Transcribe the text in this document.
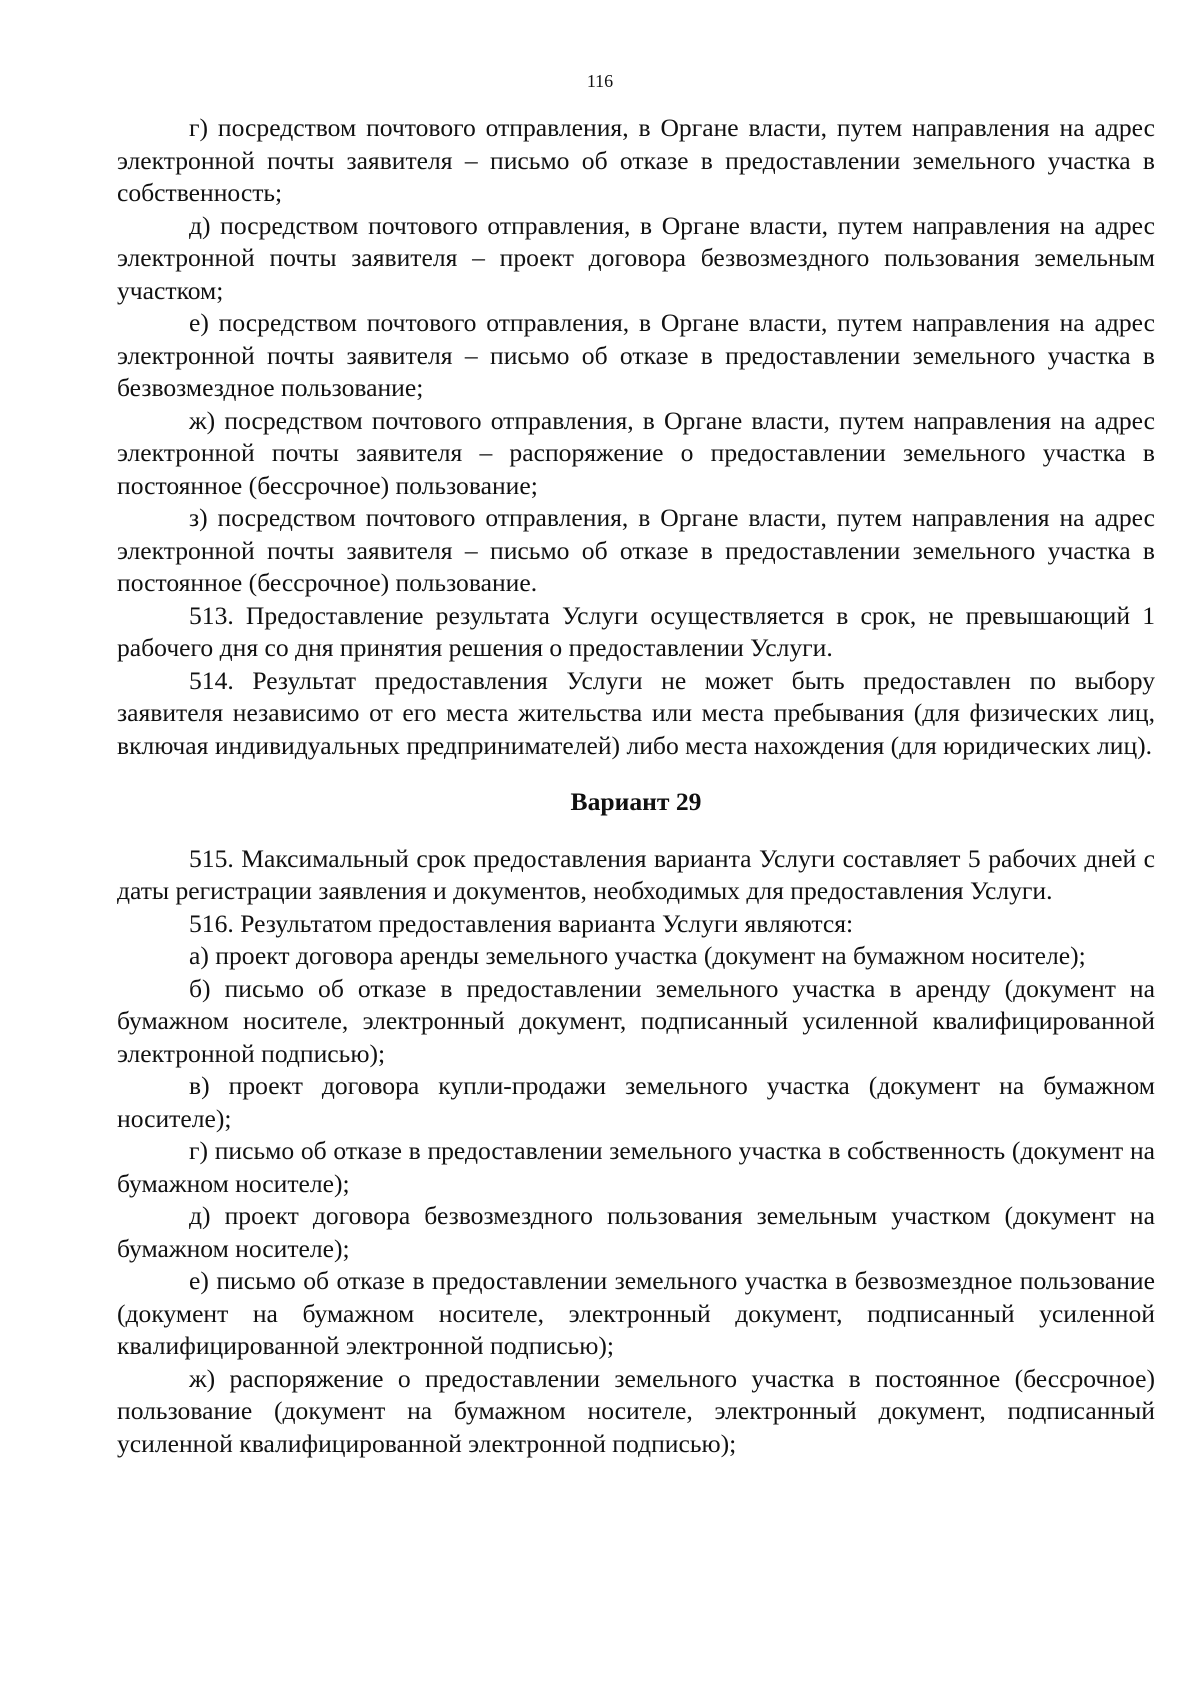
116

г) посредством почтового отправления, в Органе власти, путем направления на адрес электронной почты заявителя – письмо об отказе в предоставлении земельного участка в собственность;

д) посредством почтового отправления, в Органе власти, путем направления на адрес электронной почты заявителя – проект договора безвозмездного пользования земельным участком;

е) посредством почтового отправления, в Органе власти, путем направления на адрес электронной почты заявителя – письмо об отказе в предоставлении земельного участка в безвозмездное пользование;

ж) посредством почтового отправления, в Органе власти, путем направления на адрес электронной почты заявителя – распоряжение о предоставлении земельного участка в постоянное (бессрочное) пользование;

з) посредством почтового отправления, в Органе власти, путем направления на адрес электронной почты заявителя – письмо об отказе в предоставлении земельного участка в постоянное (бессрочное) пользование.

513. Предоставление результата Услуги осуществляется в срок, не превышающий 1 рабочего дня со дня принятия решения о предоставлении Услуги.

514. Результат предоставления Услуги не может быть предоставлен по выбору заявителя независимо от его места жительства или места пребывания (для физических лиц, включая индивидуальных предпринимателей) либо места нахождения (для юридических лиц).

Вариант 29

515. Максимальный срок предоставления варианта Услуги составляет 5 рабочих дней с даты регистрации заявления и документов, необходимых для предоставления Услуги.

516. Результатом предоставления варианта Услуги являются:

а) проект договора аренды земельного участка (документ на бумажном носителе);

б) письмо об отказе в предоставлении земельного участка в аренду (документ на бумажном носителе, электронный документ, подписанный усиленной квалифицированной электронной подписью);

в) проект договора купли-продажи земельного участка (документ на бумажном носителе);

г) письмо об отказе в предоставлении земельного участка в собственность (документ на бумажном носителе);

д) проект договора безвозмездного пользования земельным участком (документ на бумажном носителе);

е) письмо об отказе в предоставлении земельного участка в безвозмездное пользование (документ на бумажном носителе, электронный документ, подписанный усиленной квалифицированной электронной подписью);

ж) распоряжение о предоставлении земельного участка в постоянное (бессрочное) пользование (документ на бумажном носителе, электронный документ, подписанный усиленной квалифицированной электронной подписью);
